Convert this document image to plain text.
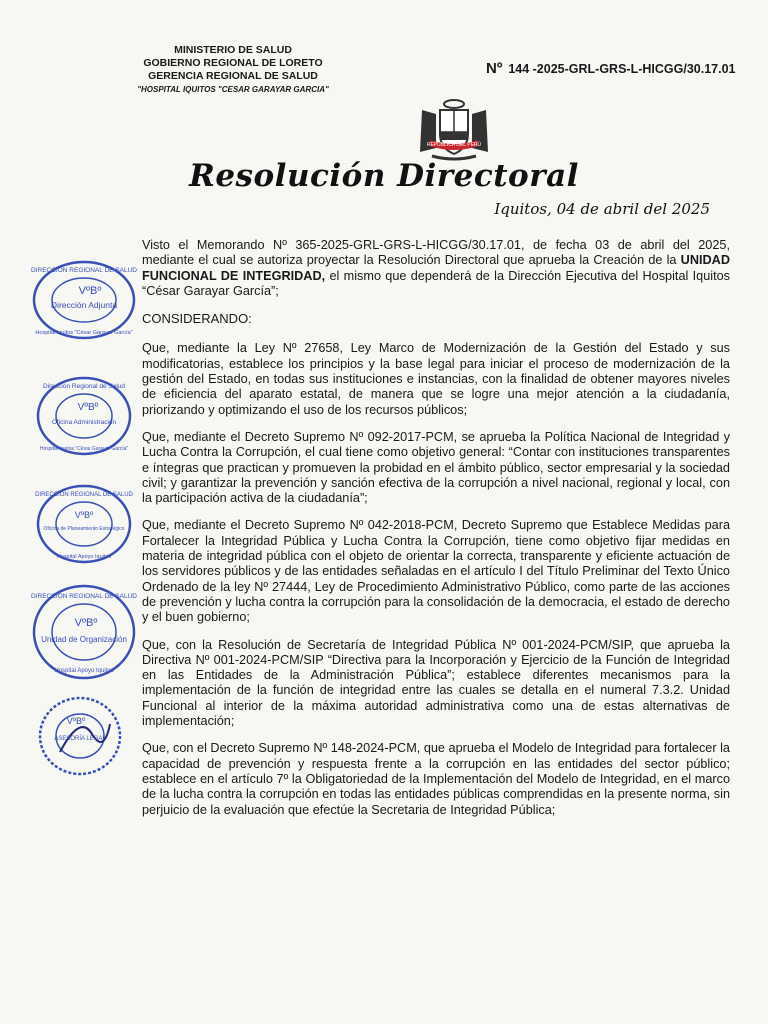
MINISTERIO DE SALUD
GOBIERNO REGIONAL DE LORETO
GERENCIA REGIONAL DE SALUD
"HOSPITAL IQUITOS "CESAR GARAYAR GARCIA"
Nº 144 -2025-GRL-GRS-L-HICGG/30.17.01
REPÚBLICA DEL PERÚ
Resolución Directoral
Iquitos, 04 de abril del 2025
DIRECCIÓN REGIONAL DE SALUD
VºBº
Dirección Adjunta
Hospital Iquitos "César Garayar García"
Dirección Regional de Salud
VºBº
Oficina Administración
Hospital Iquitos "César Garayar García"
DIRECCIÓN REGIONAL DE SALUD
VºBº
Oficina de Planeamiento Estratégico
Hospital Apoyo Iquitos
DIRECCIÓN REGIONAL DE SALUD
VºBº
Unidad de Organización
Hospital Apoyo Iquitos
VºBº
ASESORÍA LEGAL

Visto el Memorando Nº 365-2025-GRL-GRS-L-HICGG/30.17.01, de fecha 03 de abril del 2025, mediante el cual se autoriza proyectar la Resolución Directoral que aprueba la Creación de la UNIDAD FUNCIONAL DE INTEGRIDAD, el mismo que dependerá de la Dirección Ejecutiva del Hospital Iquitos “César Garayar García”;

CONSIDERANDO:

Que, mediante la Ley Nº 27658, Ley Marco de Modernización de la Gestión del Estado y sus modificatorias, establece los principios y la base legal para iniciar el proceso de modernización de la gestión del Estado, en todas sus instituciones e instancias, con la finalidad de obtener mayores niveles de eficiencia del aparato estatal, de manera que se logre una mejor atención a la ciudadanía, priorizando y optimizando el uso de los recursos públicos;

Que, mediante el Decreto Supremo Nº 092-2017-PCM, se aprueba la Política Nacional de Integridad y Lucha Contra la Corrupción, el cual tiene como objetivo general: “Contar con instituciones transparentes e íntegras que practican y promueven la probidad en el ámbito público, sector empresarial y la sociedad civil; y garantizar la prevención y sanción efectiva de la corrupción a nivel nacional, regional y local, con la participación activa de la ciudadanía”;

Que, mediante el Decreto Supremo Nº 042-2018-PCM, Decreto Supremo que Establece Medidas para Fortalecer la Integridad Pública y Lucha Contra la Corrupción, tiene como objetivo fijar medidas en materia de integridad pública con el objeto de orientar la correcta, transparente y eficiente actuación de los servidores públicos y de las entidades señaladas en el artículo I del Título Preliminar del Texto Único Ordenado de la ley Nº 27444, Ley de Procedimiento Administrativo Público, como parte de las acciones de prevención y lucha contra la corrupción para la consolidación de la democracia, el estado de derecho y el buen gobierno;

Que, con la Resolución de Secretaría de Integridad Pública Nº 001-2024-PCM/SIP, que aprueba la Directiva Nº 001-2024-PCM/SIP “Directiva para la Incorporación y Ejercicio de la Función de Integridad en las Entidades de la Administración Pública”; establece diferentes mecanismos para la implementación de la función de integridad entre las cuales se detalla en el numeral 7.3.2. Unidad Funcional al interior de la máxima autoridad administrativa como una de estas alternativas de implementación;

Que, con el Decreto Supremo Nº 148-2024-PCM, que aprueba el Modelo de Integridad para fortalecer la capacidad de prevención y respuesta frente a la corrupción en las entidades del sector público; establece en el artículo 7º la Obligatoriedad de la Implementación del Modelo de Integridad, en el marco de la lucha contra la corrupción en todas las entidades públicas comprendidas en la presente norma, sin perjuicio de la evaluación que efectúe la Secretaria de Integridad Pública;
